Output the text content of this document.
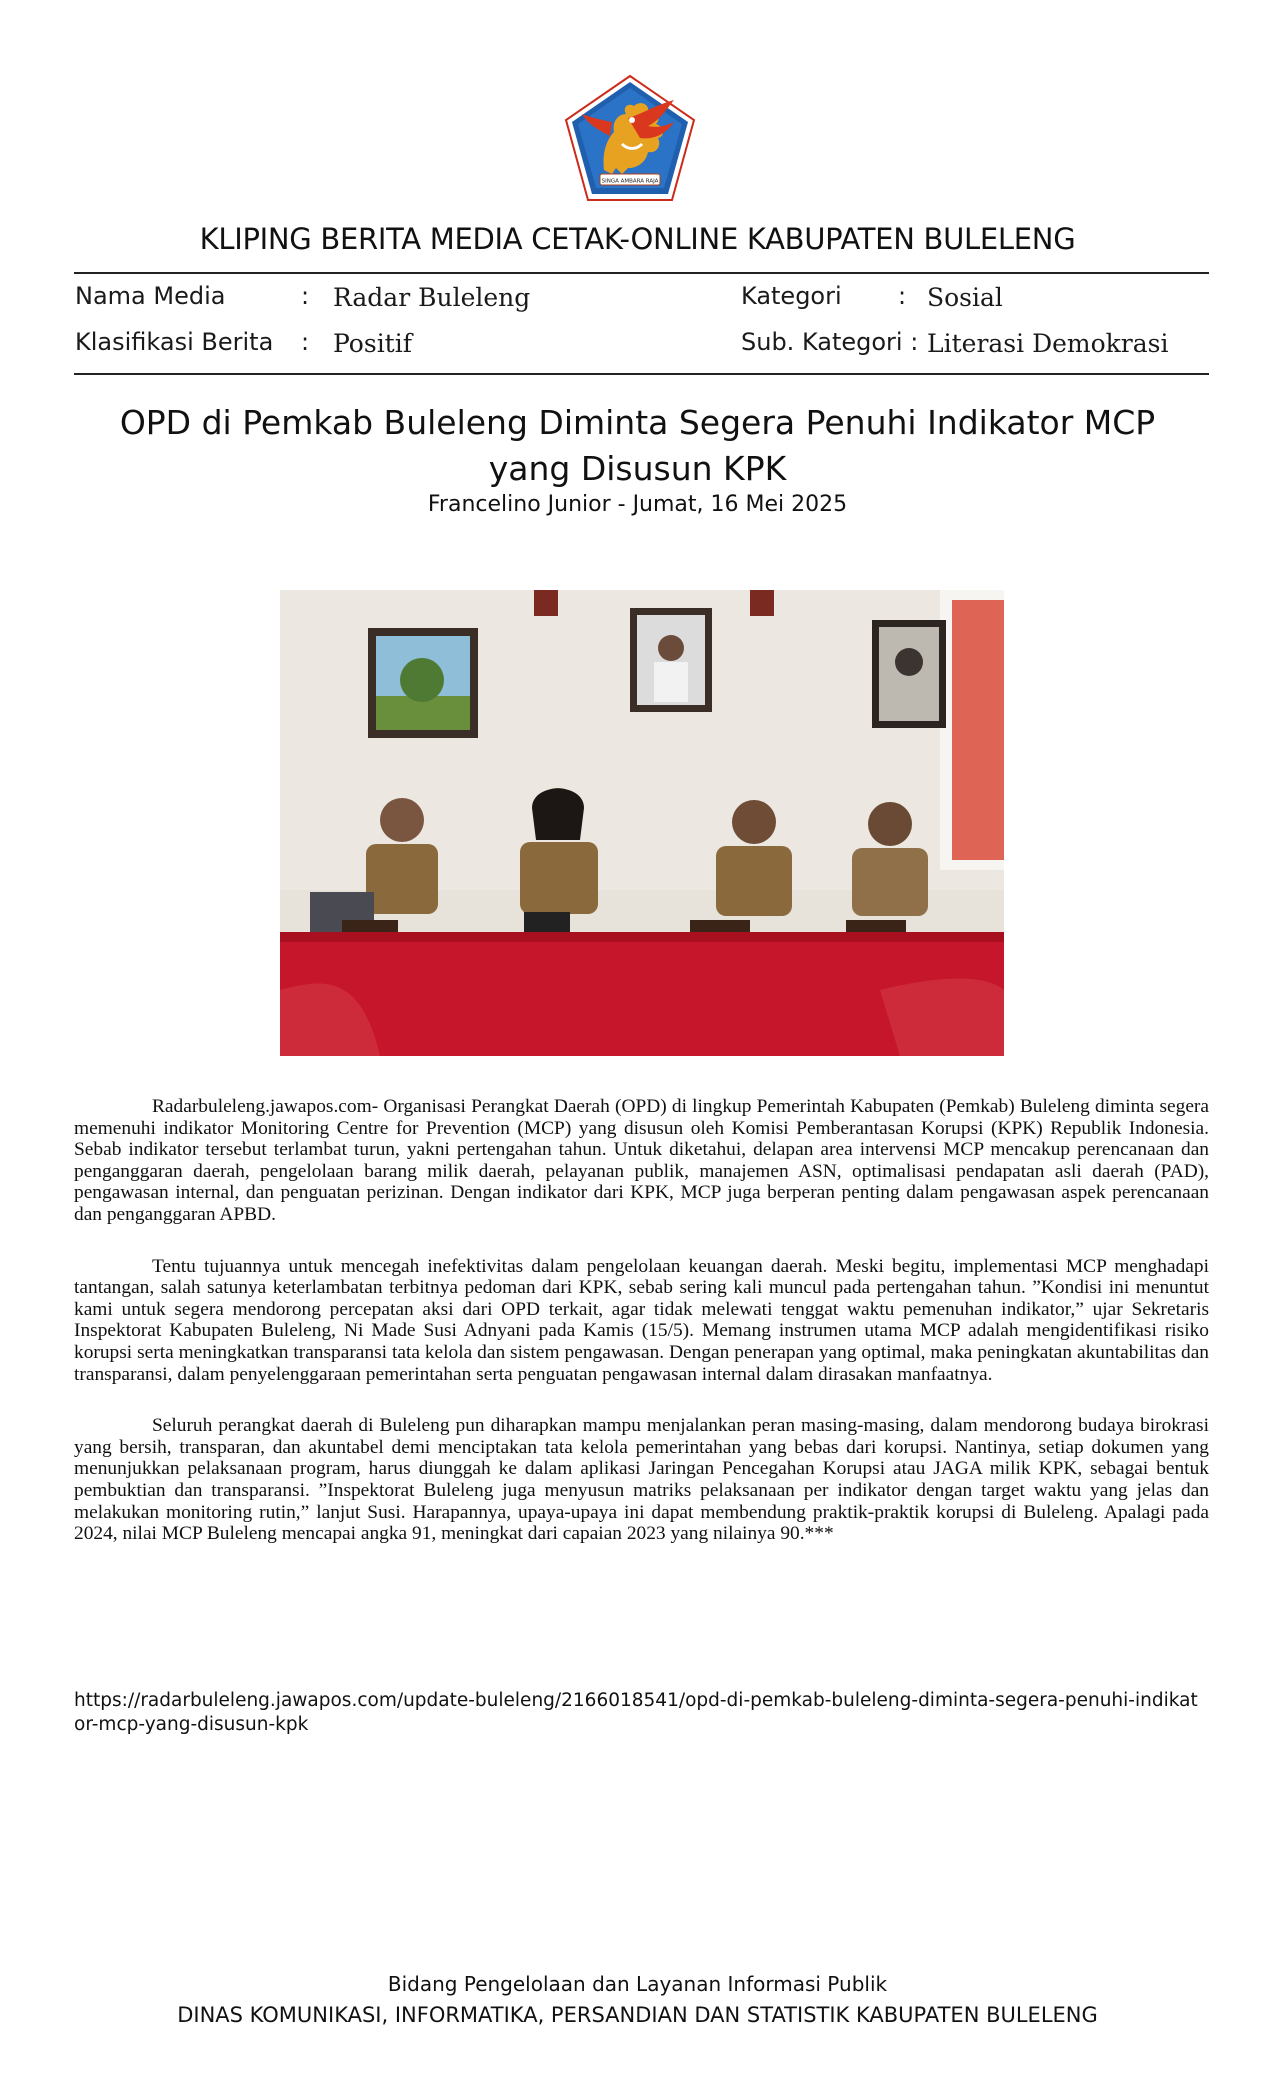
SINGA AMBARA RAJA
KLIPING BERITA MEDIA CETAK-ONLINE KABUPATEN BULELENG
Nama Media	: Radar Buleleng	Kategori : Sosial
Klasifikasi Berita : Positif	Sub. Kategori : Literasi Demokrasi
OPD di Pemkab Buleleng Diminta Segera Penuhi Indikator MCP yang Disusun KPK
Francelino Junior - Jumat, 16 Mei 2025

Radarbuleleng.jawapos.com- Organisasi Perangkat Daerah (OPD) di lingkup Pemerintah Kabupaten (Pemkab) Buleleng diminta segera memenuhi indikator Monitoring Centre for Prevention (MCP) yang disusun oleh Komisi Pemberantasan Korupsi (KPK) Republik Indonesia. Sebab indikator tersebut terlambat turun, yakni pertengahan tahun. Untuk diketahui, delapan area intervensi MCP mencakup perencanaan dan penganggaran daerah, pengelolaan barang milik daerah, pelayanan publik, manajemen ASN, optimalisasi pendapatan asli daerah (PAD), pengawasan internal, dan penguatan perizinan. Dengan indikator dari KPK, MCP juga berperan penting dalam pengawasan aspek perencanaan dan penganggaran APBD.

Tentu tujuannya untuk mencegah inefektivitas dalam pengelolaan keuangan daerah. Meski begitu, implementasi MCP menghadapi tantangan, salah satunya keterlambatan terbitnya pedoman dari KPK, sebab sering kali muncul pada pertengahan tahun. ”Kondisi ini menuntut kami untuk segera mendorong percepatan aksi dari OPD terkait, agar tidak melewati tenggat waktu pemenuhan indikator,” ujar Sekretaris Inspektorat Kabupaten Buleleng, Ni Made Susi Adnyani pada Kamis (15/5). Memang instrumen utama MCP adalah mengidentifikasi risiko korupsi serta meningkatkan transparansi tata kelola dan sistem pengawasan. Dengan penerapan yang optimal, maka peningkatan akuntabilitas dan transparansi, dalam penyelenggaraan pemerintahan serta penguatan pengawasan internal dalam dirasakan manfaatnya.

Seluruh perangkat daerah di Buleleng pun diharapkan mampu menjalankan peran masing-masing, dalam mendorong budaya birokrasi yang bersih, transparan, dan akuntabel demi menciptakan tata kelola pemerintahan yang bebas dari korupsi. Nantinya, setiap dokumen yang menunjukkan pelaksanaan program, harus diunggah ke dalam aplikasi Jaringan Pencegahan Korupsi atau JAGA milik KPK, sebagai bentuk pembuktian dan transparansi. ”Inspektorat Buleleng juga menyusun matriks pelaksanaan per indikator dengan target waktu yang jelas dan melakukan monitoring rutin,” lanjut Susi. Harapannya, upaya-upaya ini dapat membendung praktik-praktik korupsi di Buleleng. Apalagi pada 2024, nilai MCP Buleleng mencapai angka 91, meningkat dari capaian 2023 yang nilainya 90.***

https://radarbuleleng.jawapos.com/update-buleleng/2166018541/opd-di-pemkab-buleleng-diminta-segera-penuhi-indikator-mcp-yang-disusun-kpk
Bidang Pengelolaan dan Layanan Informasi Publik
DINAS KOMUNIKASI, INFORMATIKA, PERSANDIAN DAN STATISTIK KABUPATEN BULELENG
